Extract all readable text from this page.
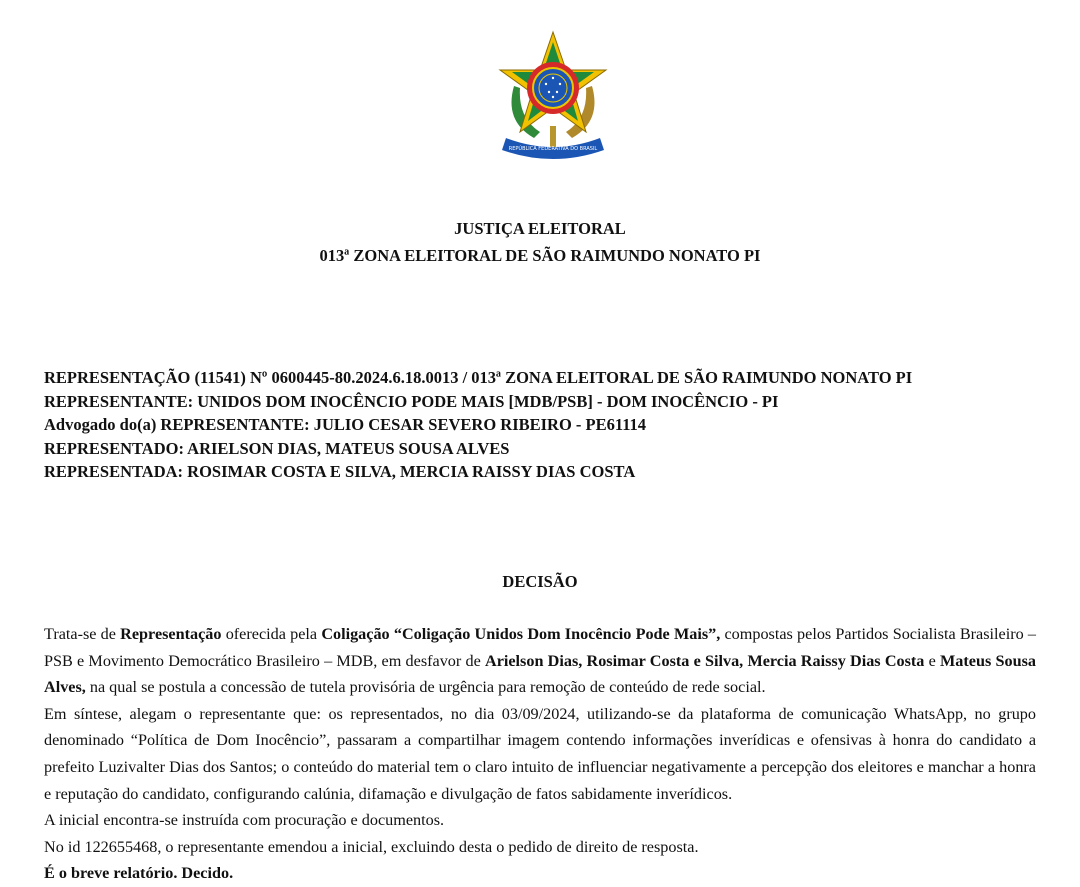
REPÚBLICA FEDERATIVA DO BRASIL
JUSTIÇA ELEITORAL
013ª ZONA ELEITORAL DE SÃO RAIMUNDO NONATO PI
REPRESENTAÇÃO (11541) Nº 0600445-80.2024.6.18.0013 / 013ª ZONA ELEITORAL DE SÃO RAIMUNDO NONATO PI
REPRESENTANTE: UNIDOS DOM INOCÊNCIO PODE MAIS [MDB/PSB] - DOM INOCÊNCIO - PI
Advogado do(a) REPRESENTANTE: JULIO CESAR SEVERO RIBEIRO - PE61114
REPRESENTADO: ARIELSON DIAS, MATEUS SOUSA ALVES
REPRESENTADA: ROSIMAR COSTA E SILVA, MERCIA RAISSY DIAS COSTA
DECISÃO

Trata-se de Representação oferecida pela Coligação “Coligação Unidos Dom Inocêncio Pode Mais”, compostas pelos Partidos Socialista Brasileiro – PSB e Movimento Democrático Brasileiro – MDB, em desfavor de Arielson Dias, Rosimar Costa e Silva, Mercia Raissy Dias Costa e Mateus Sousa Alves, na qual se postula a concessão de tutela provisória de urgência para remoção de conteúdo de rede social.

Em síntese, alegam o representante que: os representados, no dia 03/09/2024, utilizando-se da plataforma de comunicação WhatsApp, no grupo denominado “Política de Dom Inocêncio”, passaram a compartilhar imagem contendo informações inverídicas e ofensivas à honra do candidato a prefeito Luzivalter Dias dos Santos; o conteúdo do material tem o claro intuito de influenciar negativamente a percepção dos eleitores e manchar a honra e reputação do candidato, configurando calúnia, difamação e divulgação de fatos sabidamente inverídicos.

A inicial encontra-se instruída com procuração e documentos.

No id 122655468, o representante emendou a inicial, excluindo desta o pedido de direito de resposta.

É o breve relatório. Decido.
